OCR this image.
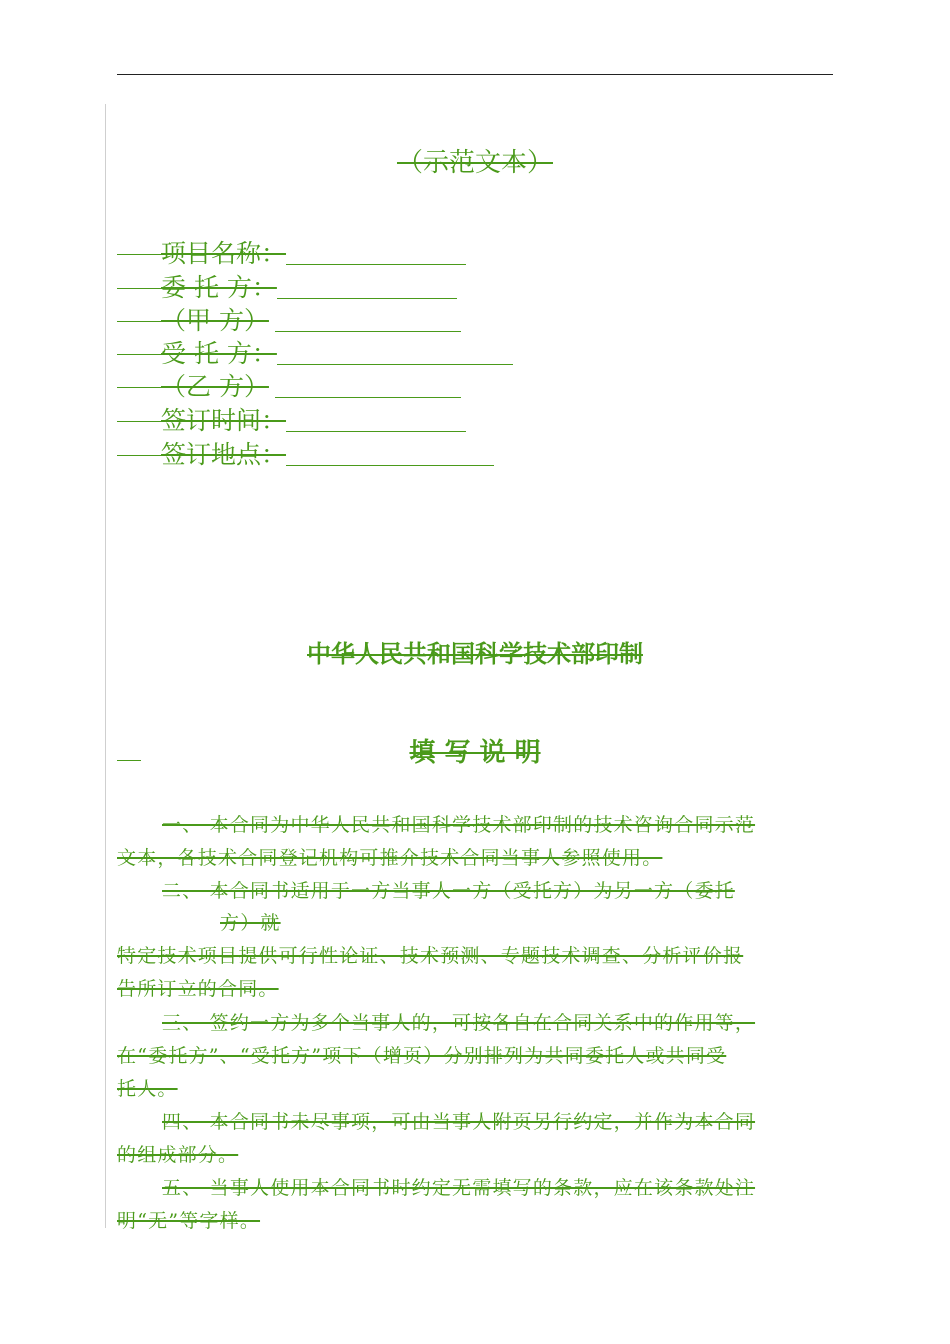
（示范文本）
项目名称：
委 托 方：
（甲 方）
受 托 方：
（乙 方）
签订时间：
签订地点：
中华人民共和国科学技术部印制
填 写 说 明
一、 本合同为中华人民共和国科学技术部印制的技术咨询合同示范
文本，各技术合同登记机构可推介技术合同当事人参照使用。
二、 本合同书适用于一方当事人一方（受托方）为另一方（委托
方）就
特定技术项目提供可行性论证、技术预测、专题技术调查、分析评价报
告所订立的合同。
三、 签约一方为多个当事人的，可按各自在合同关系中的作用等，
在“委托方”、“受托方”项下（增页）分别排列为共同委托人或共同受
托人。
四、 本合同书未尽事项，可由当事人附页另行约定，并作为本合同
的组成部分。
五、 当事人使用本合同书时约定无需填写的条款，应在该条款处注
明“无”等字样。
